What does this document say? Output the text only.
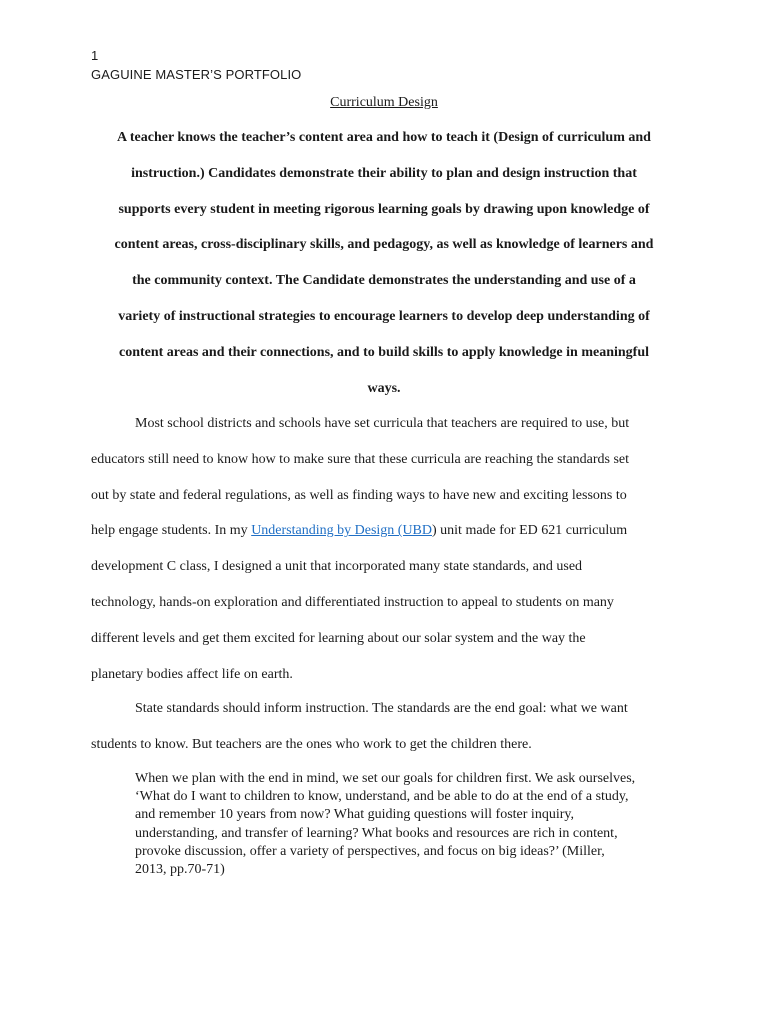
1

GAGUINE MASTER’S PORTFOLIO

Curriculum Design

A teacher knows the teacher’s content area and how to teach it (Design of curriculum and
instruction.) Candidates demonstrate their ability to plan and design instruction that
supports every student in meeting rigorous learning goals by drawing upon knowledge of
content areas, cross-disciplinary skills, and pedagogy, as well as knowledge of learners and
the community context. The Candidate demonstrates the understanding and use of a
variety of instructional strategies to encourage learners to develop deep understanding of
content areas and their connections, and to build skills to apply knowledge in meaningful
ways.

Most school districts and schools have set curricula that teachers are required to use, but
educators still need to know how to make sure that these curricula are reaching the standards set
out by state and federal regulations, as well as finding ways to have new and exciting lessons to
help engage students. In my Understanding by Design (UBD) unit made for ED 621 curriculum
development C class, I designed a unit that incorporated many state standards, and used
technology, hands-on exploration and differentiated instruction to appeal to students on many
different levels and get them excited for learning about our solar system and the way the
planetary bodies affect life on earth.
State standards should inform instruction. The standards are the end goal: what we want
students to know. But teachers are the ones who work to get the children there.
When we plan with the end in mind, we set our goals for children first. We ask ourselves,
‘What do I want to children to know, understand, and be able to do at the end of a study,
and remember 10 years from now? What guiding questions will foster inquiry,
understanding, and transfer of learning? What books and resources are rich in content,
provoke discussion, offer a variety of perspectives, and focus on big ideas?’ (Miller,
2013, pp.70-71)
